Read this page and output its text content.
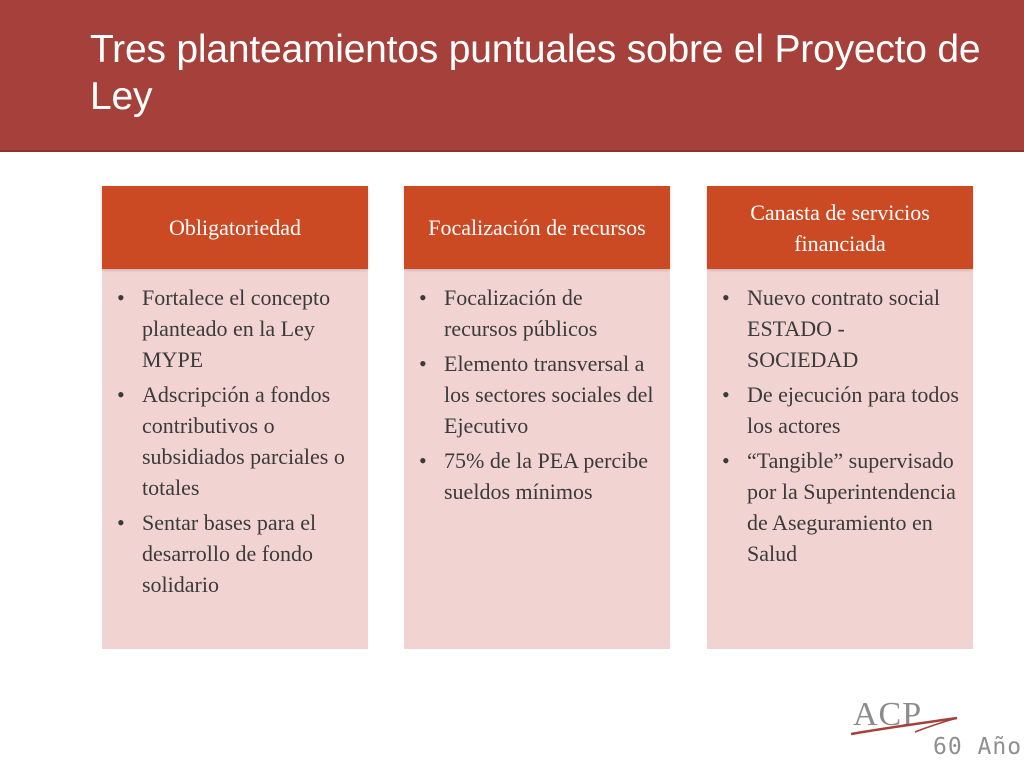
Tres planteamientos puntuales sobre el Proyecto de Ley
Obligatoriedad
• Fortalece el concepto planteado en la Ley MYPE
• Adscripción a fondos contributivos o subsidiados parciales o totales
• Sentar bases para el desarrollo de fondo solidario
Focalización de recursos
• Focalización de recursos públicos
• Elemento transversal a los sectores sociales del Ejecutivo
• 75% de la PEA percibe sueldos mínimos
Canasta de servicios financiada
• Nuevo contrato social ESTADO - SOCIEDAD
• De ejecución para todos los actores
• “Tangible” supervisado por la Superintendencia de Aseguramiento en Salud
ACP
60 Año
